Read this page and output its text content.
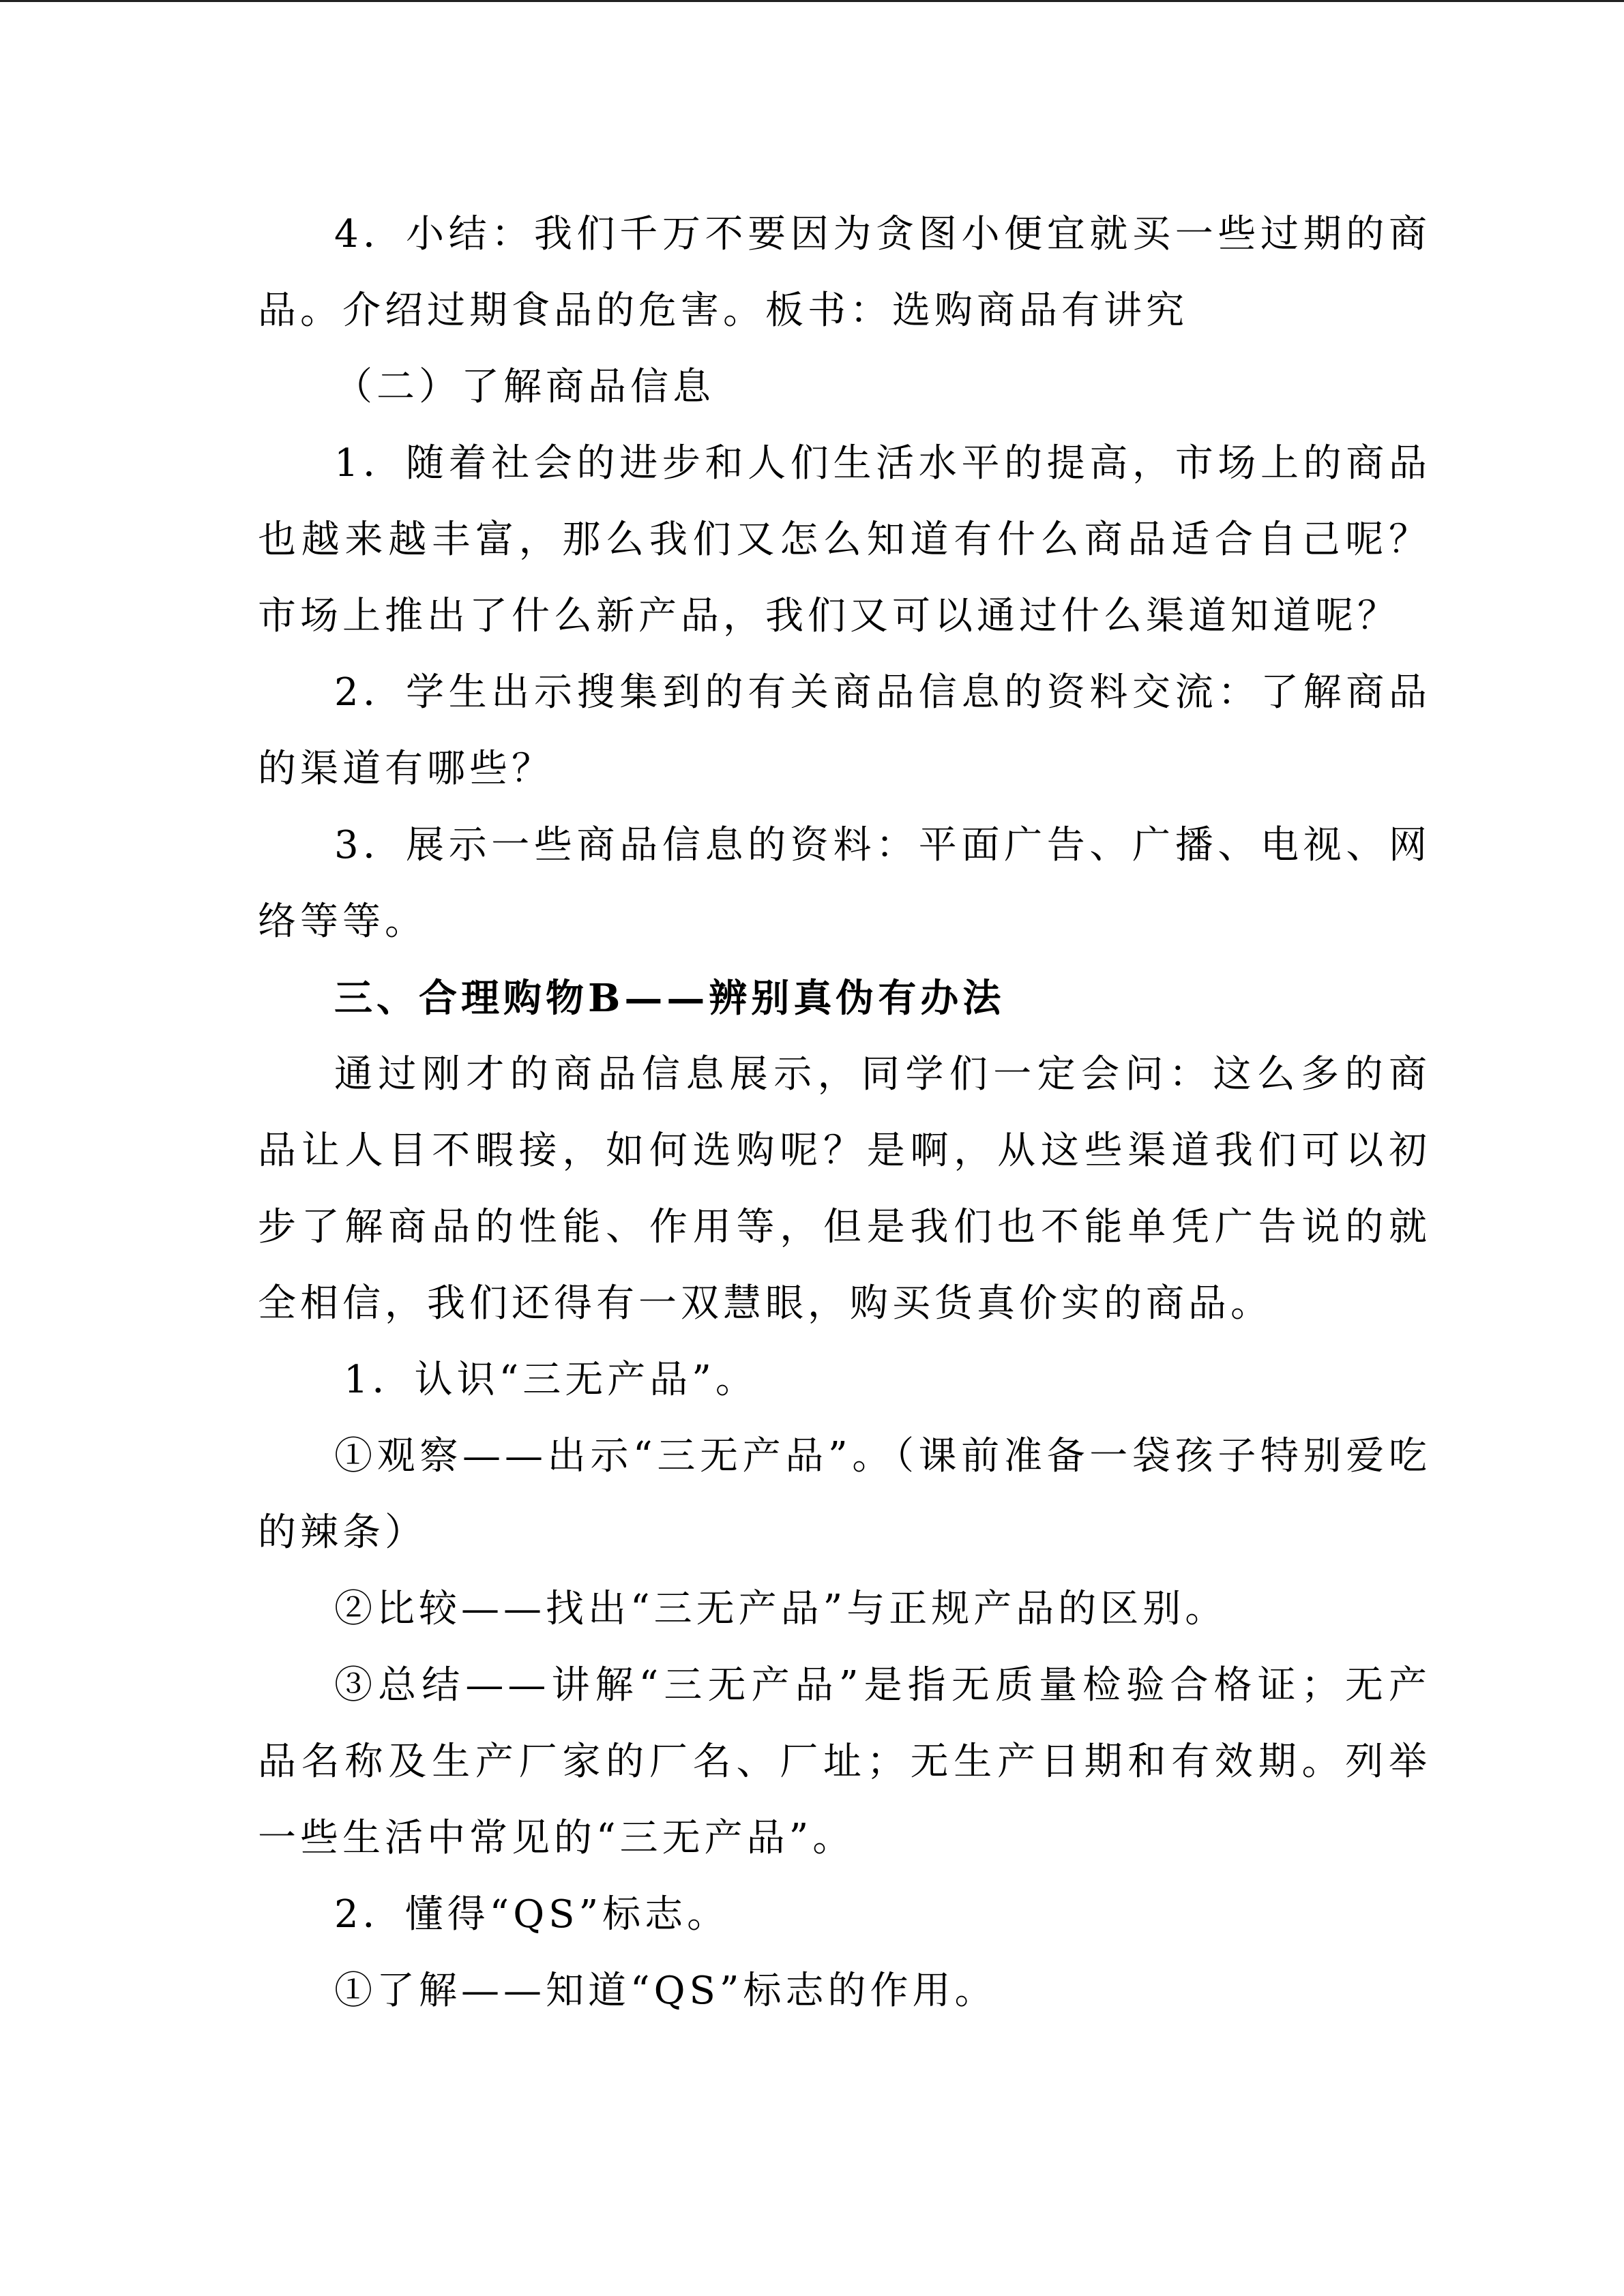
4．小结：我们千万不要因为贪图小便宜就买一些过期的商品。介绍过期食品的危害。板书：选购商品有讲究

（二）了解商品信息

1．随着社会的进步和人们生活水平的提高，市场上的商品也越来越丰富，那么我们又怎么知道有什么商品适合自己呢？市场上推出了什么新产品，我们又可以通过什么渠道知道呢？

2．学生出示搜集到的有关商品信息的资料交流：了解商品的渠道有哪些？

3．展示一些商品信息的资料：平面广告、广播、电视、网络等等。

三、合理购物B——辨别真伪有办法

通过刚才的商品信息展示，同学们一定会问：这么多的商品让人目不暇接，如何选购呢？是啊，从这些渠道我们可以初步了解商品的性能、作用等，但是我们也不能单凭广告说的就全相信，我们还得有一双慧眼，购买货真价实的商品。

1．认识“三无产品”。

①观察——出示“三无产品”。（课前准备一袋孩子特别爱吃的辣条）

②比较——找出“三无产品”与正规产品的区别。

③总结——讲解“三无产品”是指无质量检验合格证；无产品名称及生产厂家的厂名、厂址；无生产日期和有效期。列举一些生活中常见的“三无产品”。

2．懂得“QS”标志。

①了解——知道“QS”标志的作用。
